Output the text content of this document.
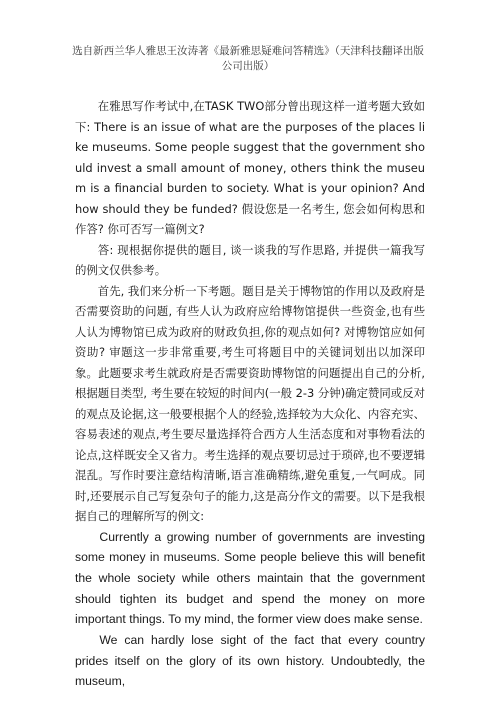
选自新西兰华人雅思王汝涛著《最新雅思疑难问答精选》（天津科技翻译出版
公司出版）

在雅思写作考试中,在TASK TWO部分曾出现这样一道考题大致如下: There is an issue of what are the purposes of the places like museums. Some people suggest that the government should invest a small amount of money, others think the museum is a financial burden to society. What is your opinion? And how should they be funded? 假设您是一名考生, 您会如何构思和作答? 你可否写一篇例文?

答: 现根据你提供的题目, 谈一谈我的写作思路, 并提供一篇我写的例文仅供参考。

首先, 我们来分析一下考题。题目是关于博物馆的作用以及政府是否需要资助的问题, 有些人认为政府应给博物馆提供一些资金,也有些人认为博物馆已成为政府的财政负担,你的观点如何? 对博物馆应如何资助? 审题这一步非常重要,考生可将题目中的关键词划出以加深印象。此题要求考生就政府是否需要资助博物馆的问题提出自己的分析, 根据题目类型, 考生要在较短的时间内(一般 2-3 分钟)确定赞同或反对的观点及论据,这一般要根据个人的经验,选择较为大众化、内容充实、容易表述的观点,考生要尽量选择符合西方人生活态度和对事物看法的论点,这样既安全又省力。考生选择的观点要切忌过于琐碎,也不要逻辑混乱。写作时要注意结构清晰,语言准确精练,避免重复,一气呵成。同时,还要展示自己写复杂句子的能力,这是高分作文的需要。以下是我根据自己的理解所写的例文:

Currently a growing number of governments are investing some money in museums. Some people believe this will benefit the whole society while others maintain that the government should tighten its budget and spend the money on more important things. To my mind, the former view does make sense.

We can hardly lose sight of the fact that every country prides itself on the glory of its own history. Undoubtedly, the museum,
